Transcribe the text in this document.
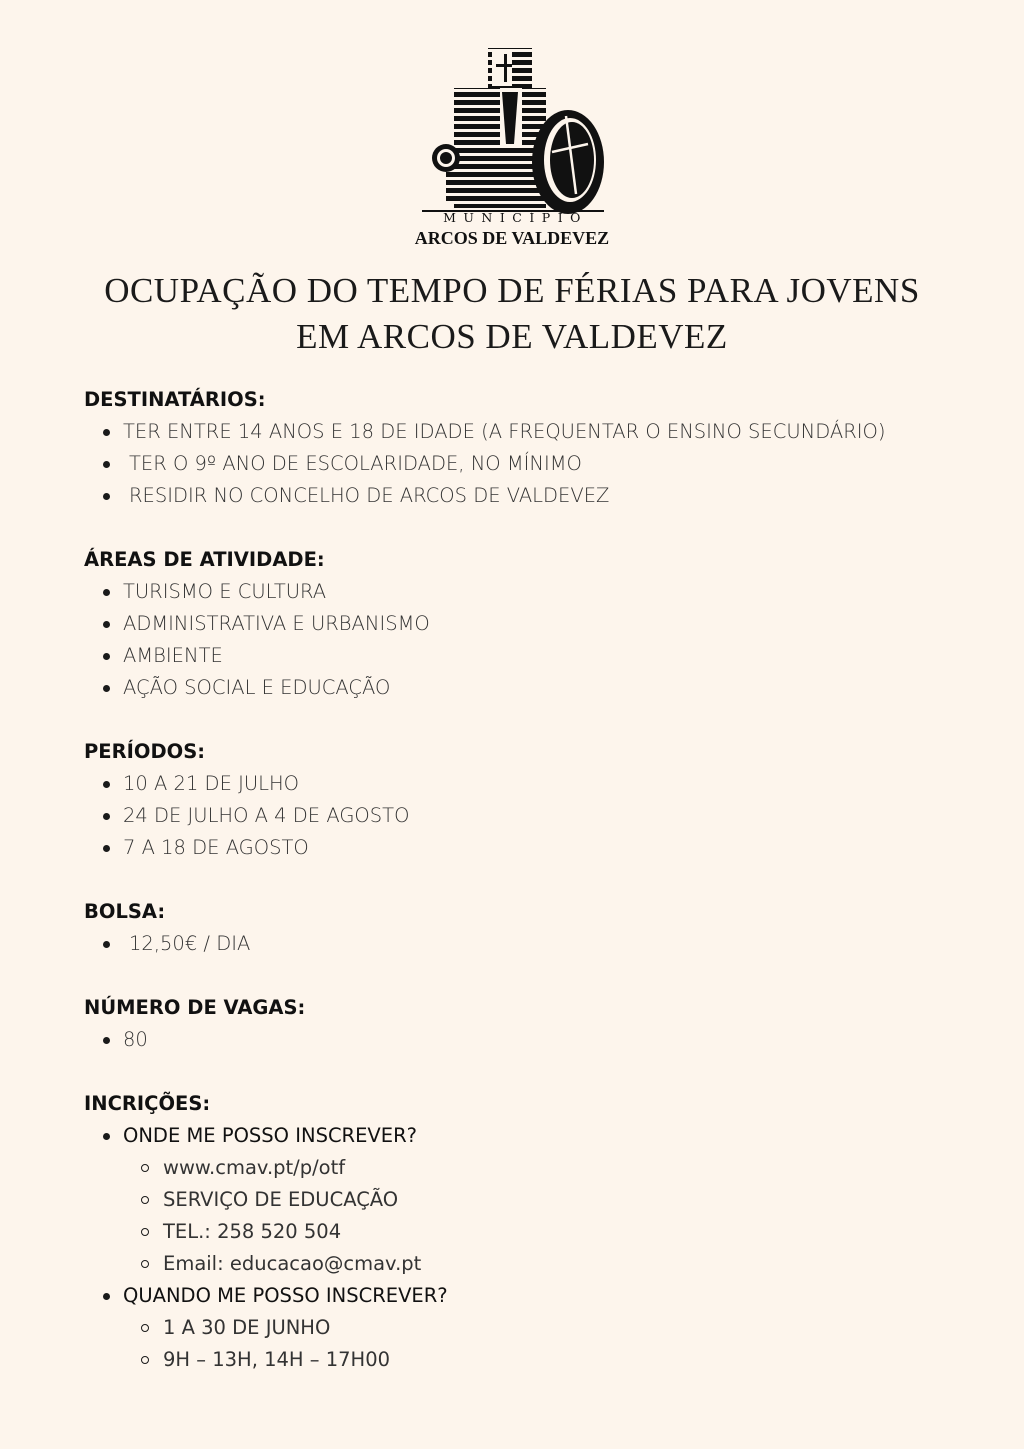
MUNICÍPIO
ARCOS DE VALDEVEZ
OCUPAÇÃO DO TEMPO DE FÉRIAS PARA JOVENS
EM ARCOS DE VALDEVEZ
DESTINATÁRIOS:
TER ENTRE 14 ANOS E 18 DE IDADE (A FREQUENTAR O ENSINO SECUNDÁRIO)
TER O 9º ANO DE ESCOLARIDADE, NO MÍNIMO
RESIDIR NO CONCELHO DE ARCOS DE VALDEVEZ
ÁREAS DE ATIVIDADE:
TURISMO E CULTURA
ADMINISTRATIVA E URBANISMO
AMBIENTE
AÇÃO SOCIAL E EDUCAÇÃO
PERÍODOS:
10 A 21 DE JULHO
24 DE JULHO A 4 DE AGOSTO
7 A 18 DE AGOSTO
BOLSA:
12,50€ / DIA
NÚMERO DE VAGAS:
80
INCRIÇÕES:
ONDE ME POSSO INSCREVER?
www.cmav.pt/p/otf
SERVIÇO DE EDUCAÇÃO
TEL.: 258 520 504
Email: educacao@cmav.pt
QUANDO ME POSSO INSCREVER?
1 A 30 DE JUNHO
9H – 13H, 14H – 17H00
